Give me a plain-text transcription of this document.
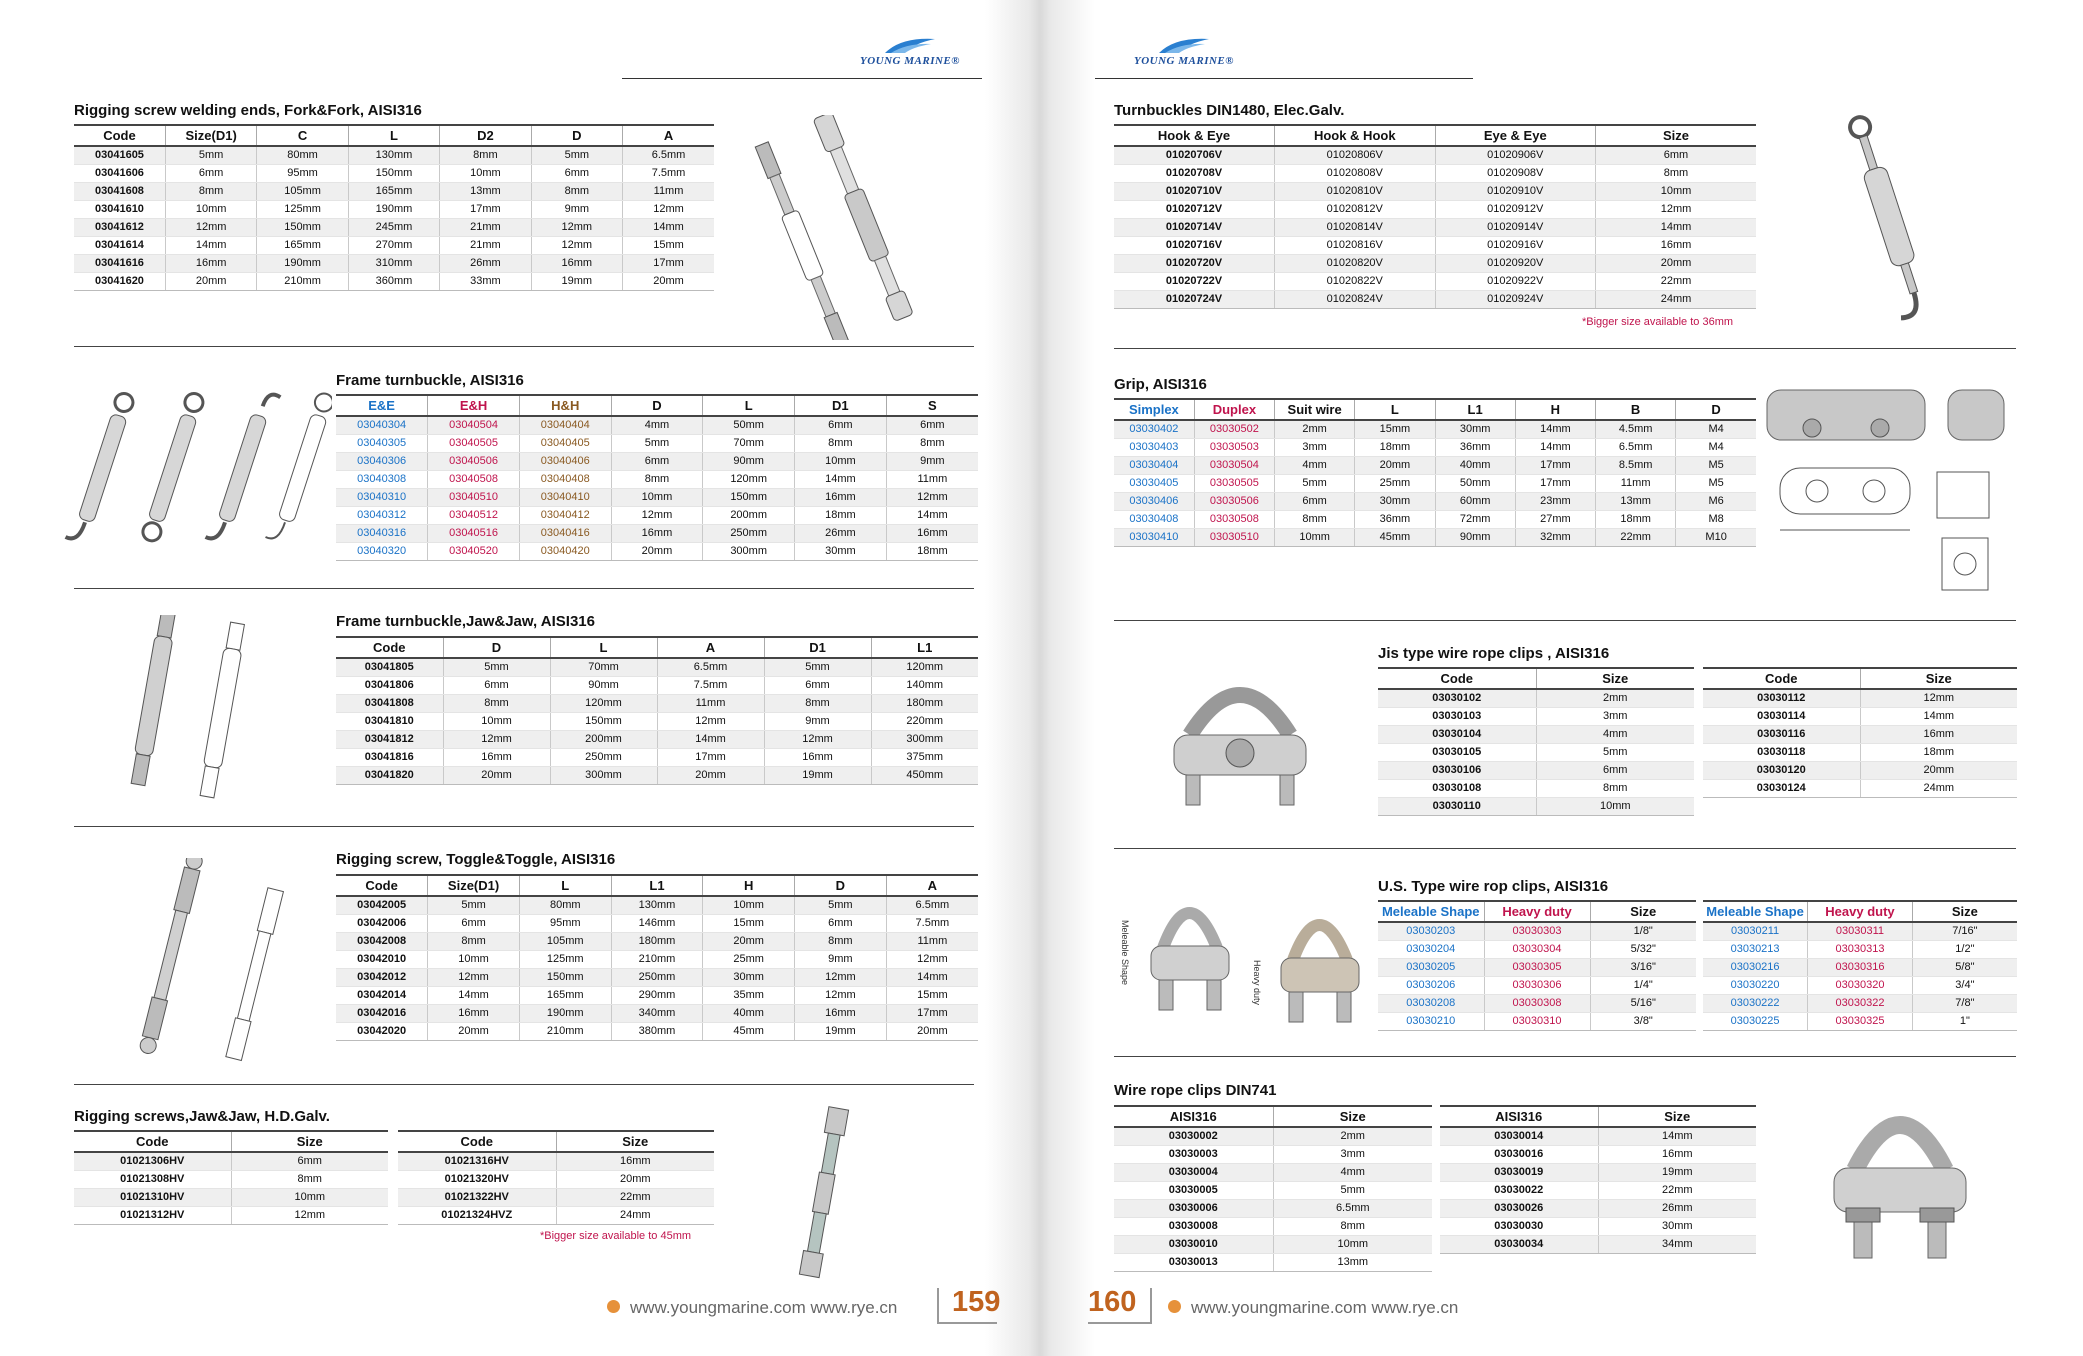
YOUNG MARINE®	YOUNG MARINE®
Rigging screw welding ends, Fork&Fork, AISI316
Code	Size(D1)	C	L	D2	D	A
03041605	5mm	80mm	130mm	8mm	5mm	6.5mm
03041606	6mm	95mm	150mm	10mm	6mm	7.5mm
03041608	8mm	105mm	165mm	13mm	8mm	11mm
03041610	10mm	125mm	190mm	17mm	9mm	12mm
03041612	12mm	150mm	245mm	21mm	12mm	14mm
03041614	14mm	165mm	270mm	21mm	12mm	15mm
03041616	16mm	190mm	310mm	26mm	16mm	17mm
03041620	20mm	210mm	360mm	33mm	19mm	20mm
Frame turnbuckle, AISI316
E&E	E&H	H&H	D	L	D1	S
03040304	03040504	03040404	4mm	50mm	6mm	6mm
03040305	03040505	03040405	5mm	70mm	8mm	8mm
03040306	03040506	03040406	6mm	90mm	10mm	9mm
03040308	03040508	03040408	8mm	120mm	14mm	11mm
03040310	03040510	03040410	10mm	150mm	16mm	12mm
03040312	03040512	03040412	12mm	200mm	18mm	14mm
03040316	03040516	03040416	16mm	250mm	26mm	16mm
03040320	03040520	03040420	20mm	300mm	30mm	18mm
Frame turnbuckle,Jaw&Jaw, AISI316
Code	D	L	A	D1	L1
03041805	5mm	70mm	6.5mm	5mm	120mm
03041806	6mm	90mm	7.5mm	6mm	140mm
03041808	8mm	120mm	11mm	8mm	180mm
03041810	10mm	150mm	12mm	9mm	220mm
03041812	12mm	200mm	14mm	12mm	300mm
03041816	16mm	250mm	17mm	16mm	375mm
03041820	20mm	300mm	20mm	19mm	450mm
Rigging screw, Toggle&Toggle, AISI316
Code	Size(D1)	L	L1	H	D	A
03042005	5mm	80mm	130mm	10mm	5mm	6.5mm
03042006	6mm	95mm	146mm	15mm	6mm	7.5mm
03042008	8mm	105mm	180mm	20mm	8mm	11mm
03042010	10mm	125mm	210mm	25mm	9mm	12mm
03042012	12mm	150mm	250mm	30mm	12mm	14mm
03042014	14mm	165mm	290mm	35mm	12mm	15mm
03042016	16mm	190mm	340mm	40mm	16mm	17mm
03042020	20mm	210mm	380mm	45mm	19mm	20mm
Rigging screws,Jaw&Jaw, H.D.Galv.
Code	Size
01021306HV	6mm
01021308HV	8mm
01021310HV	10mm
01021312HV	12mm
Code	Size
01021316HV	16mm
01021320HV	20mm
01021322HV	22mm
01021324HVZ	24mm
*Bigger size available to 45mm
www.youngmarine.com www.rye.cn 159
Turnbuckles DIN1480, Elec.Galv.
Hook & Eye	Hook & Hook	Eye & Eye	Size
01020706V	01020806V	01020906V	6mm
01020708V	01020808V	01020908V	8mm
01020710V	01020810V	01020910V	10mm
01020712V	01020812V	01020912V	12mm
01020714V	01020814V	01020914V	14mm
01020716V	01020816V	01020916V	16mm
01020720V	01020820V	01020920V	20mm
01020722V	01020822V	01020922V	22mm
01020724V	01020824V	01020924V	24mm
*Bigger size available to 36mm
Grip, AISI316
Simplex	Duplex	Suit wire	L	L1	H	B	D
03030402	03030502	2mm	15mm	30mm	14mm	4.5mm	M4
03030403	03030503	3mm	18mm	36mm	14mm	6.5mm	M4
03030404	03030504	4mm	20mm	40mm	17mm	8.5mm	M5
03030405	03030505	5mm	25mm	50mm	17mm	11mm	M5
03030406	03030506	6mm	30mm	60mm	23mm	13mm	M6
03030408	03030508	8mm	36mm	72mm	27mm	18mm	M8
03030410	03030510	10mm	45mm	90mm	32mm	22mm	M10
Jis type wire rope clips , AISI316
Code	Size
03030102	2mm
03030103	3mm
03030104	4mm
03030105	5mm
03030106	6mm
03030108	8mm
03030110	10mm
Code	Size
03030112	12mm
03030114	14mm
03030116	16mm
03030118	18mm
03030120	20mm
03030124	24mm
Meleable Shape	Heavy duty
U.S. Type wire rop clips, AISI316
Meleable Shape	Heavy duty	Size
03030203	03030303	1/8"
03030204	03030304	5/32"
03030205	03030305	3/16"
03030206	03030306	1/4"
03030208	03030308	5/16"
03030210	03030310	3/8"
Meleable Shape	Heavy duty	Size
03030211	03030311	7/16"
03030213	03030313	1/2"
03030216	03030316	5/8"
03030220	03030320	3/4"
03030222	03030322	7/8"
03030225	03030325	1"
Wire rope clips DIN741
AISI316	Size
03030002	2mm
03030003	3mm
03030004	4mm
03030005	5mm
03030006	6.5mm
03030008	8mm
03030010	10mm
03030013	13mm
AISI316	Size
03030014	14mm
03030016	16mm
03030019	19mm
03030022	22mm
03030026	26mm
03030030	30mm
03030034	34mm
160	www.youngmarine.com www.rye.cn
